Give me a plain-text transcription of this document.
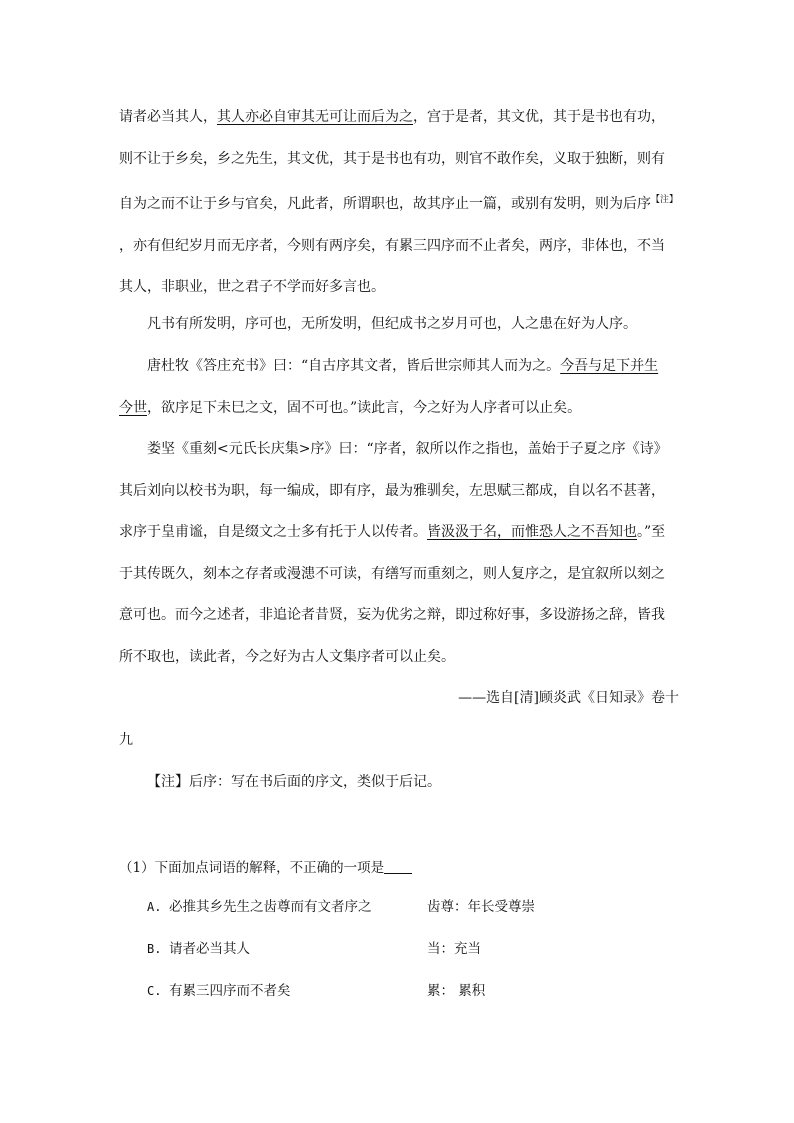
请者必当其人，其人亦必自审其无可让而后为之，宫于是者，其文优，其于是书也有功，
则不让于乡矣，乡之先生，其文优，其于是书也有功，则官不敢作矣，义取于独断，则有
自为之而不让于乡与官矣，凡此者，所谓职也，故其序止一篇，或别有发明，则为后序$^{【注】}$
，亦有但纪岁月而无序者，今则有两序矣，有累三四序而不止者矣，两序，非体也，不当
其人，非职业，世之君子不学而好多言也。
凡书有所发明，序可也，无所发明，但纪成书之岁月可也，人之患在好为人序。
唐杜牧《答庄充书》曰：“自古序其文者，皆后世宗师其人而为之。今吾与足下并生
今世，欲序足下未巳之文，固不可也。”读此言，今之好为人序者可以止矣。
娄坚《重刻<元氏长庆集>序》曰：“序者，叙所以作之指也，盖始于子夏之序《诗》
其后刘向以校书为职，每一编成，即有序，最为雅驯矣，左思赋三都成，自以名不甚著，
求序于皇甫谧，自是缀文之士多有托于人以传者。皆汲汲于名，而惟恐人之不吾知也。”至
于其传既久，刻本之存者或漫漶不可读，有缮写而重刻之，则人复序之，是宜叙所以刻之
意可也。而今之述者，非追论者昔贤，妄为优劣之辩，即过称好事，多设游扬之辞，皆我
所不取也，读此者，今之好为古人文集序者可以止矣。
——选自[清]顾炎武《日知录》卷十
九
【注】后序：写在书后面的序文，类似于后记。
（1）下面加点词语的解释，不正确的一项是
A. 必推其乡先生之齿尊而有文者序之	齿尊：年长受尊崇
B. 请者必当其人	当：充当
C. 有累三四序而不者矣	累： 累积
